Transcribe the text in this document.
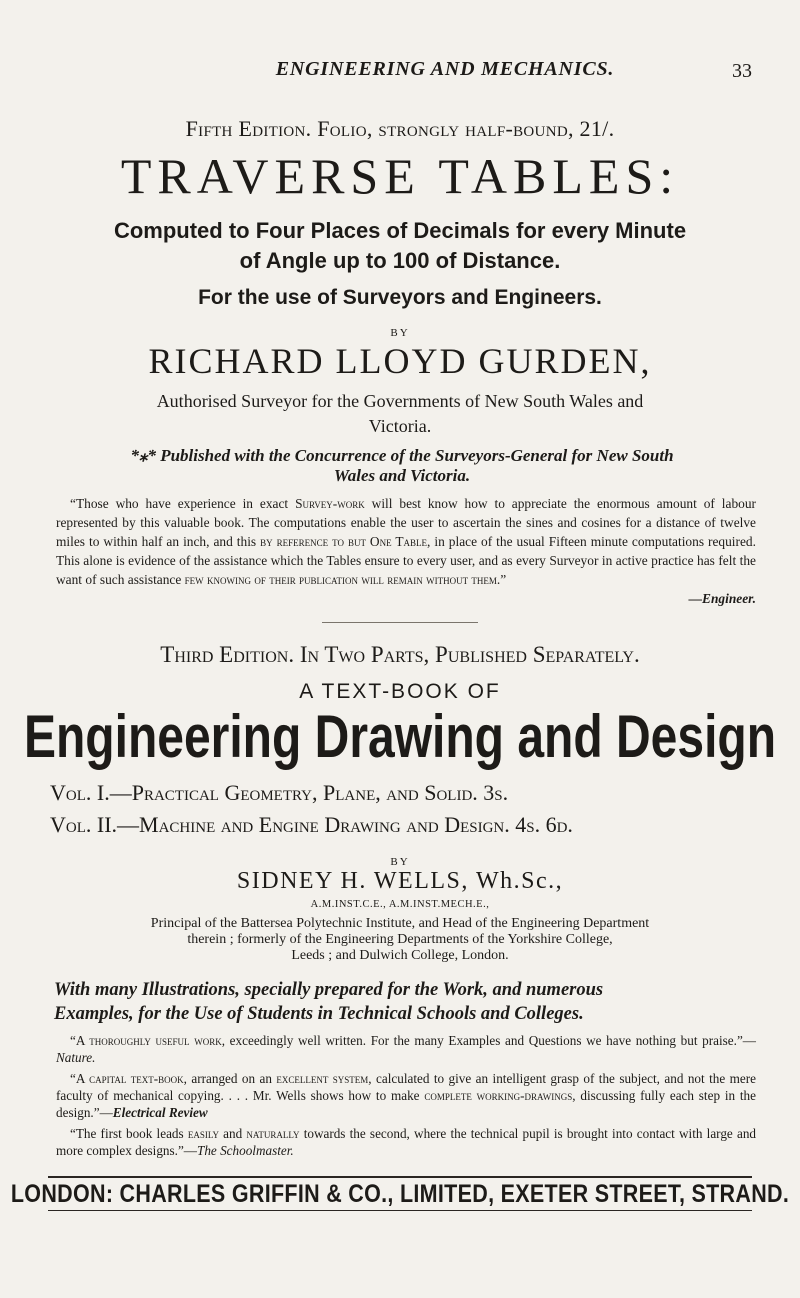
ENGINEERING AND MECHANICS.	33
Fifth Edition. Folio, strongly half-bound, 21/.
TRAVERSE TABLES:
Computed to Four Places of Decimals for every Minute
of Angle up to 100 of Distance.
For the use of Surveyors and Engineers.
BY
RICHARD LLOYD GURDEN,
Authorised Surveyor for the Governments of New South Wales and
Victoria.
*⁎* Published with the Concurrence of the Surveyors-General for New South
Wales and Victoria.

“Those who have experience in exact Survey-work will best know how to appreciate the enormous amount of labour represented by this valuable book. The computations enable the user to ascertain the sines and cosines for a distance of twelve miles to within half an inch, and this by reference to but One Table, in place of the usual Fifteen minute computations required. This alone is evidence of the assistance which the Tables ensure to every user, and as every Surveyor in active practice has felt the want of such assistance few knowing of their publication will remain without them.”

—Engineer.

Third Edition. In Two Parts, Published Separately.
A TEXT-BOOK OF
Engineering Drawing and Design
Vol. I.—Practical Geometry, Plane, and Solid. 3s.
Vol. II.—Machine and Engine Drawing and Design. 4s. 6d.
BY
SIDNEY H. WELLS, Wh.Sc.,
A.M.INST.C.E., A.M.INST.MECH.E.,
Principal of the Battersea Polytechnic Institute, and Head of the Engineering Department
therein ; formerly of the Engineering Departments of the Yorkshire College,
Leeds ; and Dulwich College, London.
With many Illustrations, specially prepared for the Work, and numerous
Examples, for the Use of Students in Technical Schools and Colleges.

“A thoroughly useful work, exceedingly well written. For the many Examples and Questions we have nothing but praise.”—Nature.

“A capital text-book, arranged on an excellent system, calculated to give an intelligent grasp of the subject, and not the mere faculty of mechanical copying. . . . Mr. Wells shows how to make complete working-drawings, discussing fully each step in the design.”—Electrical Review

“The first book leads easily and naturally towards the second, where the technical pupil is brought into contact with large and more complex designs.”—The Schoolmaster.

LONDON: CHARLES GRIFFIN & CO., LIMITED, EXETER STREET, STRAND.
